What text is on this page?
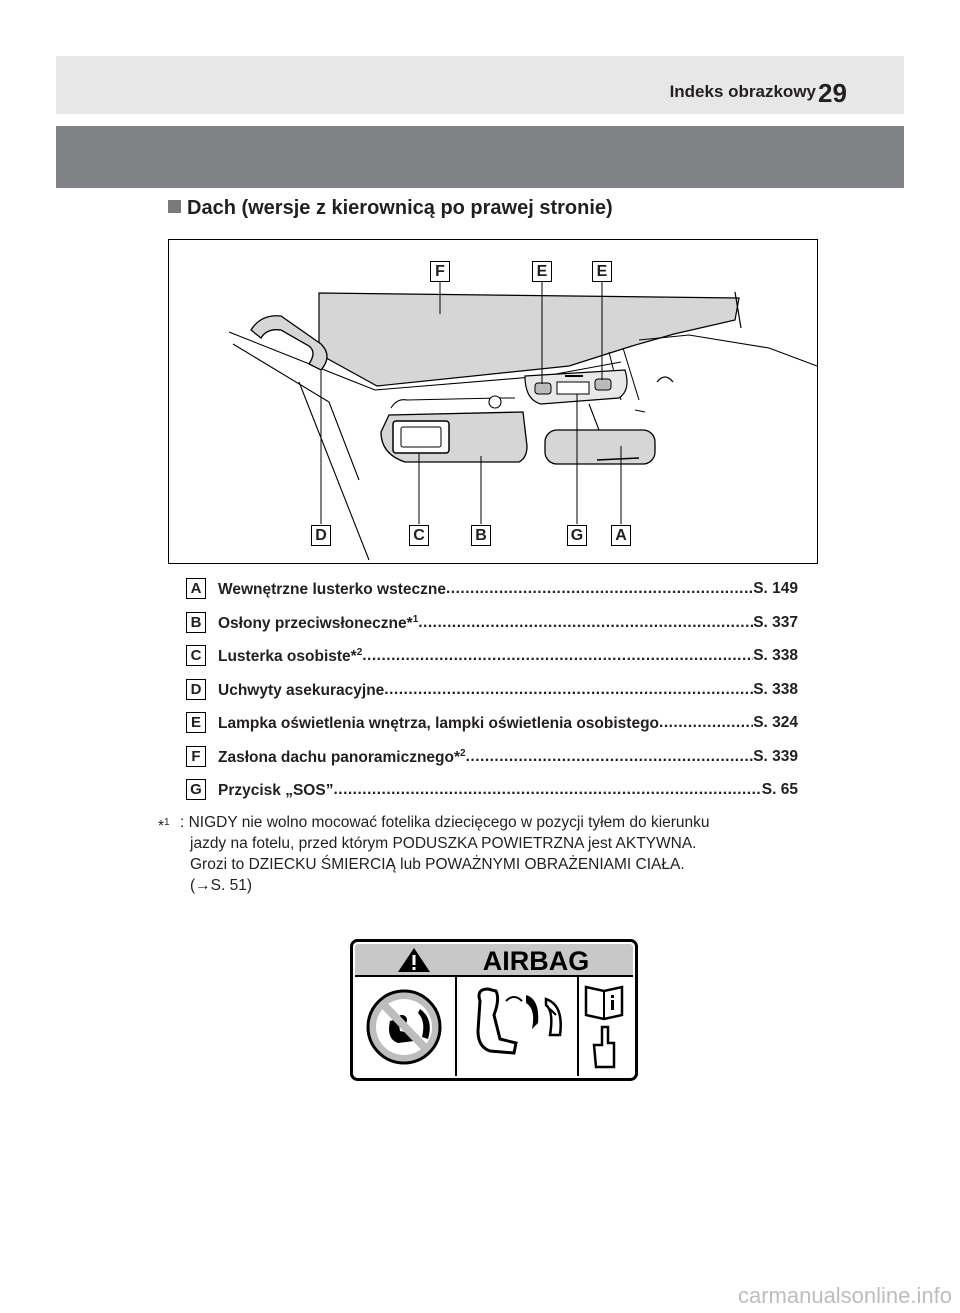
Indeks obrazkowy 29
Dach (wersje z kierownicą po prawej stronie)
F	E	E
D	C	B	G A
A Wewnętrzne lusterko wsteczne .....	S. 149
B Osłony przeciwsłoneczne*$^1$ .....	S. 337
C Lusterka osobiste*$^2$ .....	S. 338
D Uchwyty asekuracyjne .....	S. 338
E	Lampka oświetlenia wnętrza, lampki oświetlenia osobistego .....	S. 324
F	Zasłona dachu panoramicznego*$^2$ .....	S. 339
G Przycisk „SOS” .....	S. 65
*$^1$ : NIGDY nie wolno mocować fotelika dziecięcego w pozycji tyłem do kierunku
jazdy na fotelu, przed którym PODUSZKA POWIETRZNA jest AKTYWNA.
Grozi to DZIECKU ŚMIERCIĄ lub POWAŻNYMI OBRAŻENIAMI CIAŁA.
(→S. 51)
AIRBAG
carmanualsonline.info
